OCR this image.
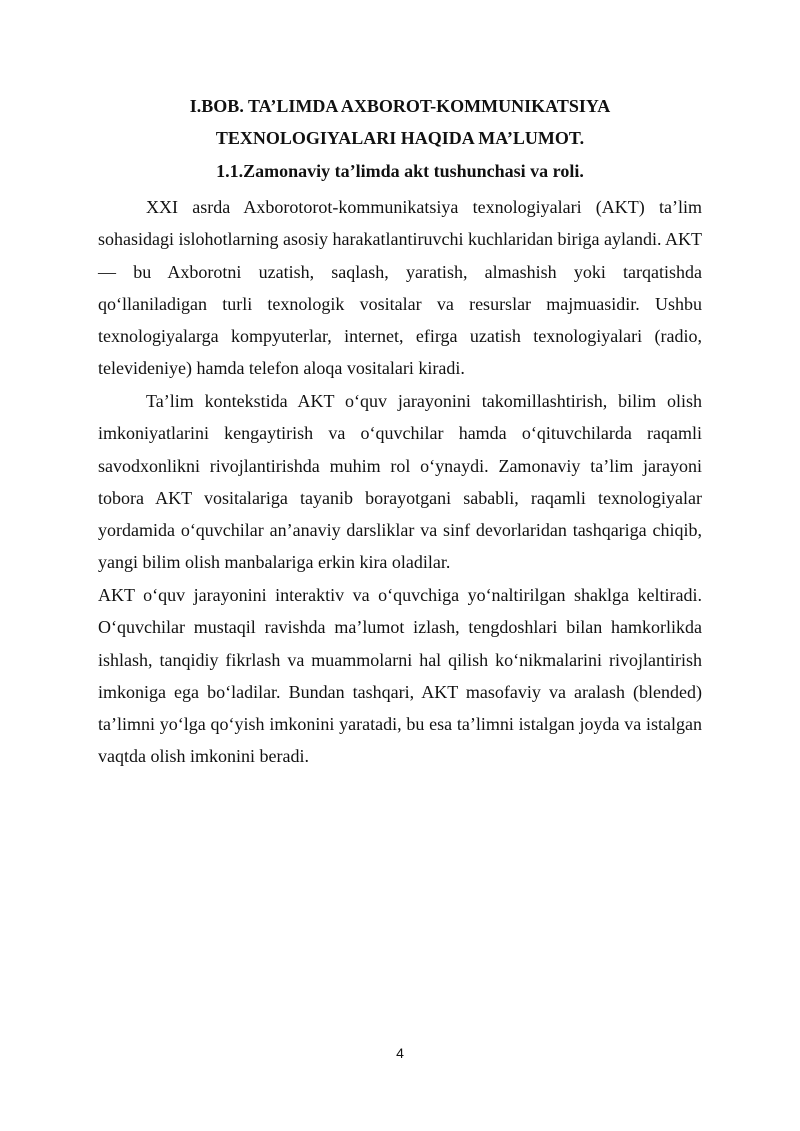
I.BOB. TA’LIMDA AXBOROT-KOMMUNIKATSIYA
TEXNOLOGIYALARI HAQIDA MA’LUMOT.
1.1.Zamonaviy ta’limda akt tushunchasi va roli.

XXI asrda Axborotorot-kommunikatsiya texnologiyalari (AKT) ta’lim sohasidagi islohotlarning asosiy harakatlantiruvchi kuchlaridan biriga aylandi. AKT — bu Axborotni uzatish, saqlash, yaratish, almashish yoki tarqatishda qo‘llaniladigan turli texnologik vositalar va resurslar majmuasidir. Ushbu texnologiyalarga kompyuterlar, internet, efirga uzatish texnologiyalari (radio, televideniye) hamda telefon aloqa vositalari kiradi.

Ta’lim kontekstida AKT o‘quv jarayonini takomillashtirish, bilim olish imkoniyatlarini kengaytirish va o‘quvchilar hamda o‘qituvchilarda raqamli savodxonlikni rivojlantirishda muhim rol o‘ynaydi. Zamonaviy ta’lim jarayoni tobora AKT vositalariga tayanib borayotgani sababli, raqamli texnologiyalar yordamida o‘quvchilar an’anaviy darsliklar va sinf devorlaridan tashqariga chiqib, yangi bilim olish manbalariga erkin kira oladilar.

AKT o‘quv jarayonini interaktiv va o‘quvchiga yo‘naltirilgan shaklga keltiradi. O‘quvchilar mustaqil ravishda ma’lumot izlash, tengdoshlari bilan hamkorlikda ishlash, tanqidiy fikrlash va muammolarni hal qilish ko‘nikmalarini rivojlantirish imkoniga ega bo‘ladilar. Bundan tashqari, AKT masofaviy va aralash (blended) ta’limni yo‘lga qo‘yish imkonini yaratadi, bu esa ta’limni istalgan joyda va istalgan vaqtda olish imkonini beradi.

4
